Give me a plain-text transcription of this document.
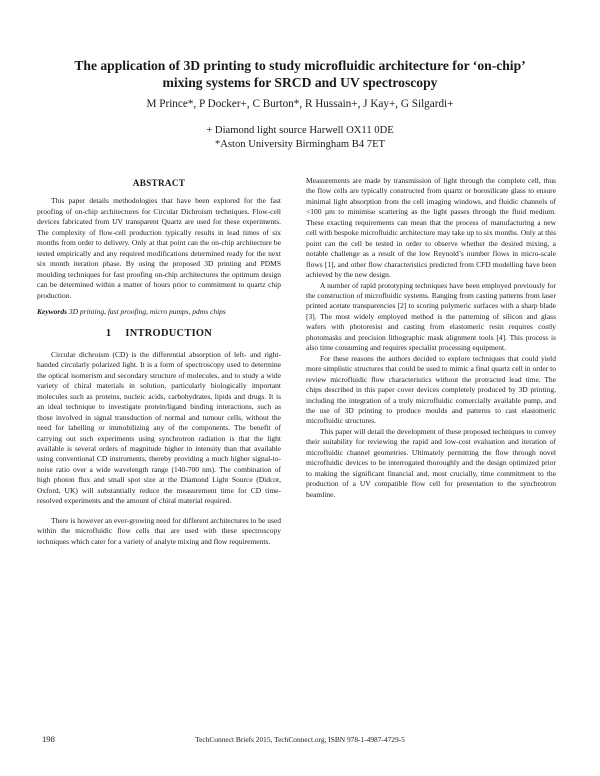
The application of 3D printing to study microfluidic architecture for ‘on-chip’
mixing systems for SRCD and UV spectroscopy
M Prince*, P Docker+, C Burton*, R Hussain+, J Kay+, G Silgardi+
+ Diamond light source Harwell OX11 0DE
*Aston University Birmingham B4 7ET
ABSTRACT

This paper details methodologies that have been explored for the fast proofing of on-chip architectures for Circular Dichroism techniques. Flow-cell devices fabricated from UV transparent Quartz are used for these experiments. The complexity of flow-cell production typically results in lead times of six months from order to delivery. Only at that point can the on-chip architecture be tested empirically and any required modifications determined ready for the next six month iteration phase. By using the proposed 3D printing and PDMS moulding techniques for fast proofing on-chip architectures the optimum design can be determined within a matter of hours prior to commitment to quartz chip production.

Keywords 3D printing, fast proofing, micro pumps, pdms chips

1 INTRODUCTION

Circular dichroism (CD) is the differential absorption of left- and right-handed circularly polarized light. It is a form of spectroscopy used to determine the optical isomerism and secondary structure of molecules, and to study a wide variety of chiral materials in solution, particularly biologically important molecules such as proteins, nucleic acids, carbohydrates, lipids and drugs. It is an ideal technique to investigate protein/ligand binding interactions, such as those involved in signal transduction of normal and tumour cells, without the need for labelling or immobilizing any of the components. The benefit of carrying out such experiments using synchrotron radiation is that the light available is several orders of magnitude higher in intensity than that available using conventional CD instruments, thereby providing a much higher signal-to-noise ratio over a wide wavelength range (140-700 nm). The combination of high photon flux and small spot size at the Diamond Light Source (Didcot, Oxford, UK) will substantially reduce the measurement time for CD time-resolved experiments and the amount of chiral material required.

There is however an ever-growing need for different architectures to be used within the microfluidic flow cells that are used with these spectroscopy techniques which cater for a variety of analyte mixing and flow requirements.

Measurements are made by transmission of light through the complete cell, thus the flow cells are typically constructed from quartz or borosilicate glass to ensure minimal light absorption from the cell imaging windows, and fluidic channels of <100 µm to minimise scattering as the light passes through the fluid medium. These exacting requirements can mean that the process of manufacturing a new cell with bespoke microfluidic architecture may take up to six months. Only at this point can the cell be tested in order to observe whether the desired mixing, a notable challenge as a result of the low Reynold’s number flows in micro-scale flows [1], and other flow characteristics predicted from CFD modelling have been achieved by the new design.

A number of rapid prototyping techniques have been employed previously for the construction of microfluidic systems. Ranging from casting patterns from laser printed acetate transparencies [2] to scoring polymeric surfaces with a sharp blade [3]. The most widely employed method is the patterning of silicon and glass wafers with photoresist and casting from elastomeric resin requires costly photomasks and precision lithographic mask alignment tools [4]. This process is also time consuming and requires specialist processing equipment.

For these reasons the authors decided to explore techniques that could yield more simplistic structures that could be used to mimic a final quartz cell in order to review microfluidic flow characteristics without the protracted lead time. The chips described in this paper cover devices completely produced by 3D printing, including the integration of a truly microfluidic comercially available pump, and the use of 3D printing to produce moulds and patterns to cast elastomeric microfluidic structures.

This paper will detail the development of these proposed techniques to convey their suitability for reviewing the rapid and low-cost evaluation and iteration of microfluidic channel geometries. Ultimately permitting the flow through novel microfluidic devices to be interrogated thoroughly and the design optimized prior to making the significant financial and, most crucially, time commitment to the production of a UV compatible flow cell for presentation to the synchrotron beamline.

198	TechConnect Briefs 2015, TechConnect.org, ISBN 978-1-4987-4729-5
